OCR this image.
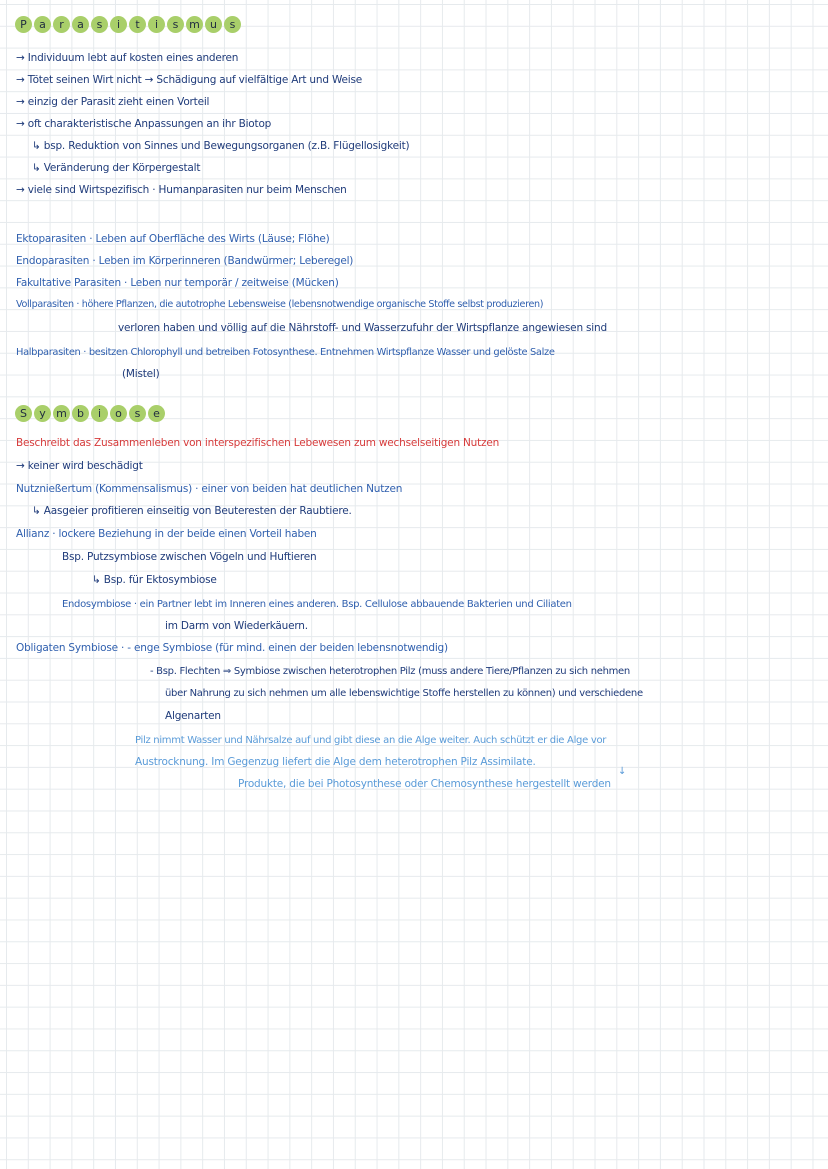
P	a	r	a	s	i	t	i	s m u	s
→ Individuum lebt auf kosten eines anderen
→ Tötet seinen Wirt nicht → Schädigung auf vielfältige Art und Weise
→ einzig der Parasit zieht einen Vorteil
→ oft charakteristische Anpassungen an ihr Biotop
↳ bsp. Reduktion von Sinnes und Bewegungsorganen (z.B. Flügellosigkeit)
↳ Veränderung der Körpergestalt
→ viele sind Wirtspezifisch · Humanparasiten nur beim Menschen
Ektoparasiten · Leben auf Oberfläche des Wirts (Läuse; Flöhe)
Endoparasiten · Leben im Körperinneren (Bandwürmer; Leberegel)
Fakultative Parasiten · Leben nur temporär / zeitweise (Mücken)
Vollparasiten · höhere Pflanzen, die autotrophe Lebensweise (lebensnotwendige organische Stoffe selbst produzieren)
verloren haben und völlig auf die Nährstoff- und Wasserzufuhr der Wirtspflanze angewiesen sind
Halbparasiten · besitzen Chlorophyll und betreiben Fotosynthese. Entnehmen Wirtspflanze Wasser und gelöste Salze
(Mistel)
S	y m b	i	o	s	e
Beschreibt das Zusammenleben von interspezifischen Lebewesen zum wechselseitigen Nutzen
→ keiner wird beschädigt
Nutznießertum (Kommensalismus) · einer von beiden hat deutlichen Nutzen
↳ Aasgeier profitieren einseitig von Beuteresten der Raubtiere.
Allianz · lockere Beziehung in der beide einen Vorteil haben
Bsp. Putzsymbiose zwischen Vögeln und Huftieren
↳ Bsp. für Ektosymbiose
Endosymbiose · ein Partner lebt im Inneren eines anderen. Bsp. Cellulose abbauende Bakterien und Ciliaten
im Darm von Wiederkäuern.
Obligaten Symbiose · - enge Symbiose (für mind. einen der beiden lebensnotwendig)
- Bsp. Flechten ⇒ Symbiose zwischen heterotrophen Pilz (muss andere Tiere/Pflanzen zu sich nehmen
über Nahrung zu sich nehmen um alle lebenswichtige Stoffe herstellen zu können) und verschiedene
Algenarten
Pilz nimmt Wasser und Nährsalze auf und gibt diese an die Alge weiter. Auch schützt er die Alge vor
Austrocknung. Im Gegenzug liefert die Alge dem heterotrophen Pilz Assimilate.
↓
Produkte, die bei Photosynthese oder Chemosynthese hergestellt werden
